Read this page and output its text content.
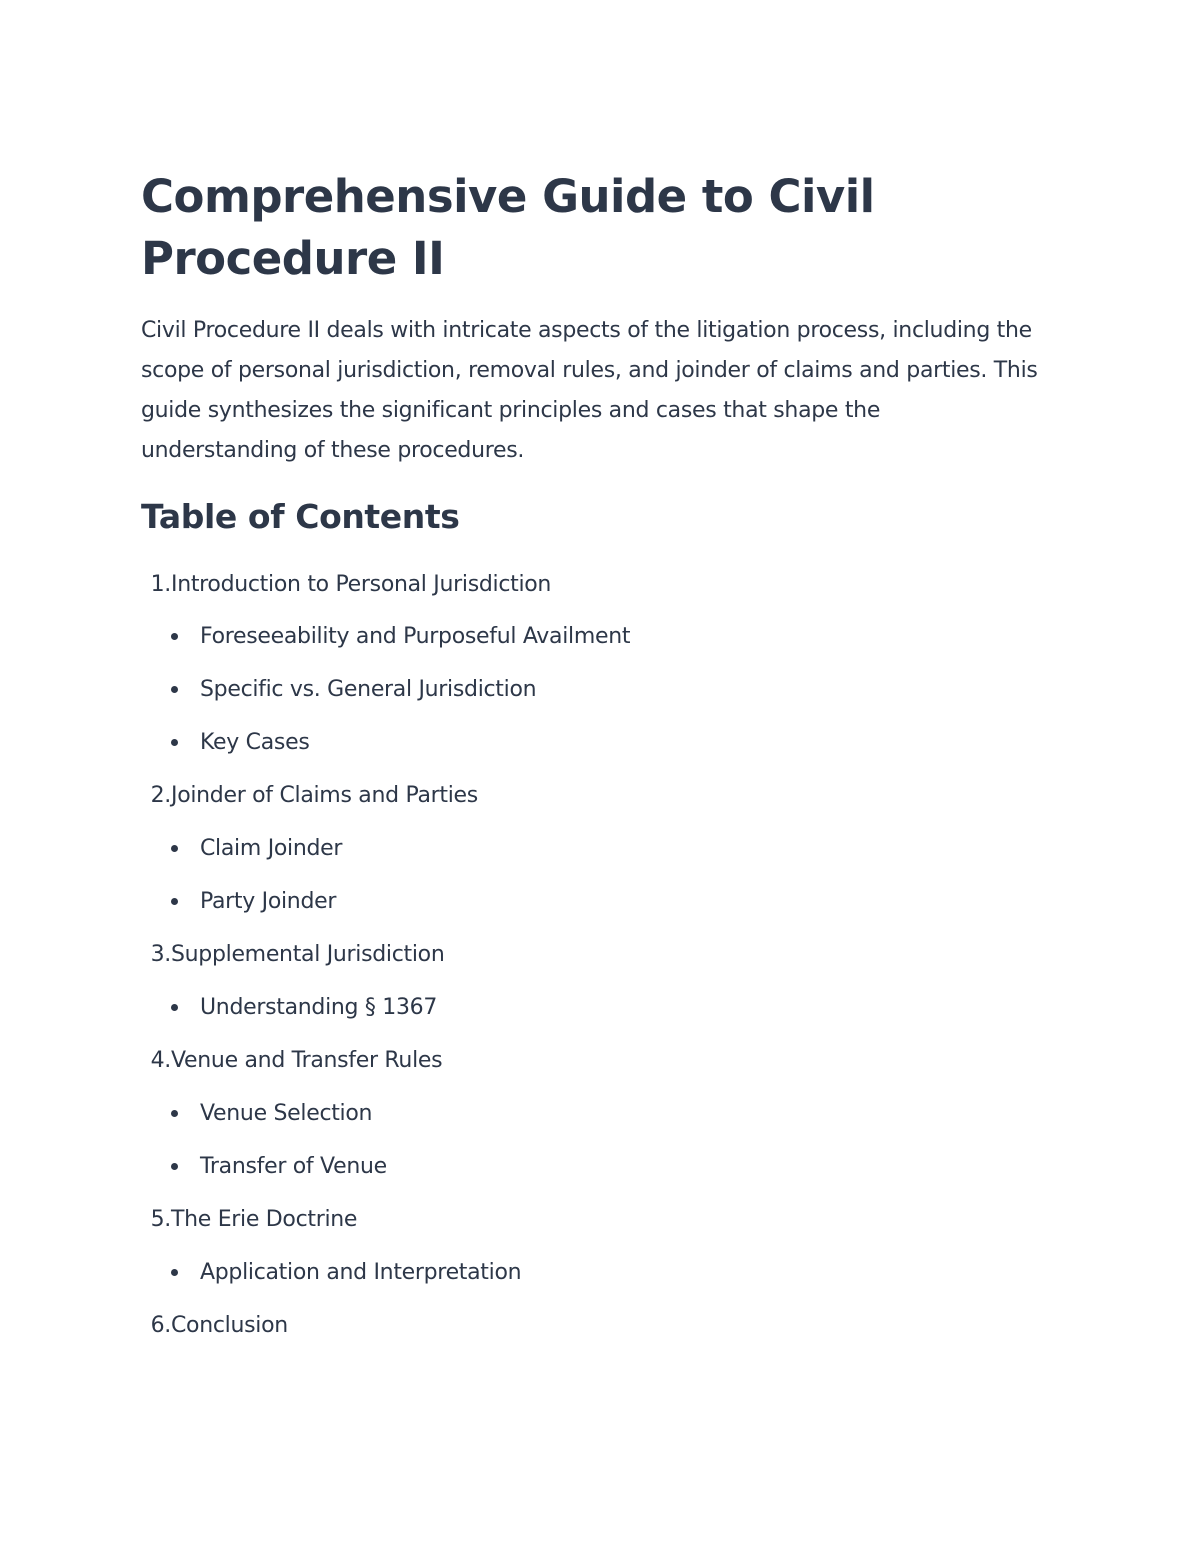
Comprehensive Guide to Civil Procedure II

Civil Procedure II deals with intricate aspects of the litigation process, including the scope of personal jurisdiction, removal rules, and joinder of claims and parties. This guide synthesizes the significant principles and cases that shape the understanding of these procedures.

Table of Contents
1. Introduction to Personal Jurisdiction
Foreseeability and Purposeful Availment
Specific vs. General Jurisdiction
Key Cases
2. Joinder of Claims and Parties
Claim Joinder
Party Joinder
3. Supplemental Jurisdiction
Understanding § 1367
4. Venue and Transfer Rules
Venue Selection
Transfer of Venue
5. The Erie Doctrine
Application and Interpretation
6. Conclusion
